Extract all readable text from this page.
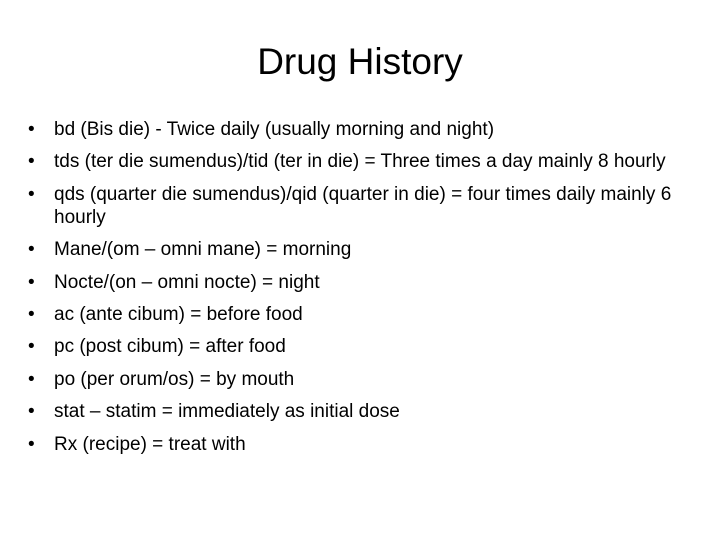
Drug History
• bd (Bis die) - Twice daily (usually morning and night)
• tds (ter die sumendus)/tid (ter in die) = Three times a day mainly 8 hourly
• qds (quarter die sumendus)/qid (quarter in die) = four times daily mainly 6 hourly
• Mane/(om – omni mane) = morning
• Nocte/(on – omni nocte) = night
• ac (ante cibum) = before food
• pc (post cibum) = after food
• po (per orum/os) = by mouth
• stat – statim = immediately as initial dose
• Rx (recipe) = treat with
